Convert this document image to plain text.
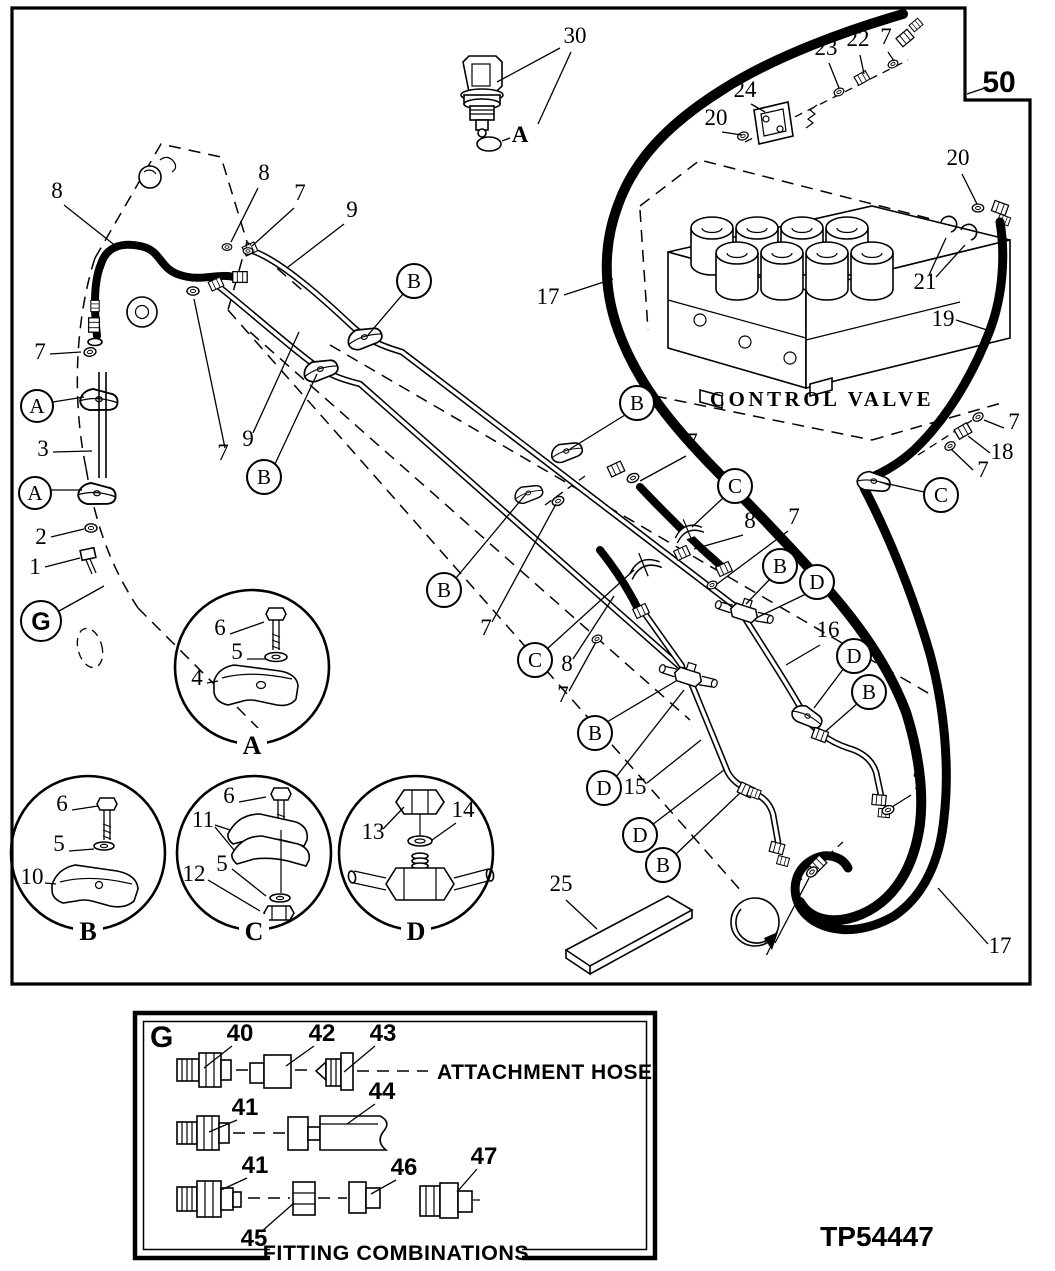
CONTROL VALVE
A
TP54447
G
ATTACHMENT HOSE
FITTING COMBINATIONS
50
30	23 22 7
24
20
20
21
19
17
8
8
7
9
7
3
2
1
9
7	7
8 7
7
8
7
7
18
7
16
15
25
7
7	17
6
5
4
6
5
10
6
11
5
12
13
14
A
A
G
B
B
B
B
C
C
B
D
D
B
B
D
D
B
C
A
B	C	D
40 42 43
41
44
41	46 47
45
